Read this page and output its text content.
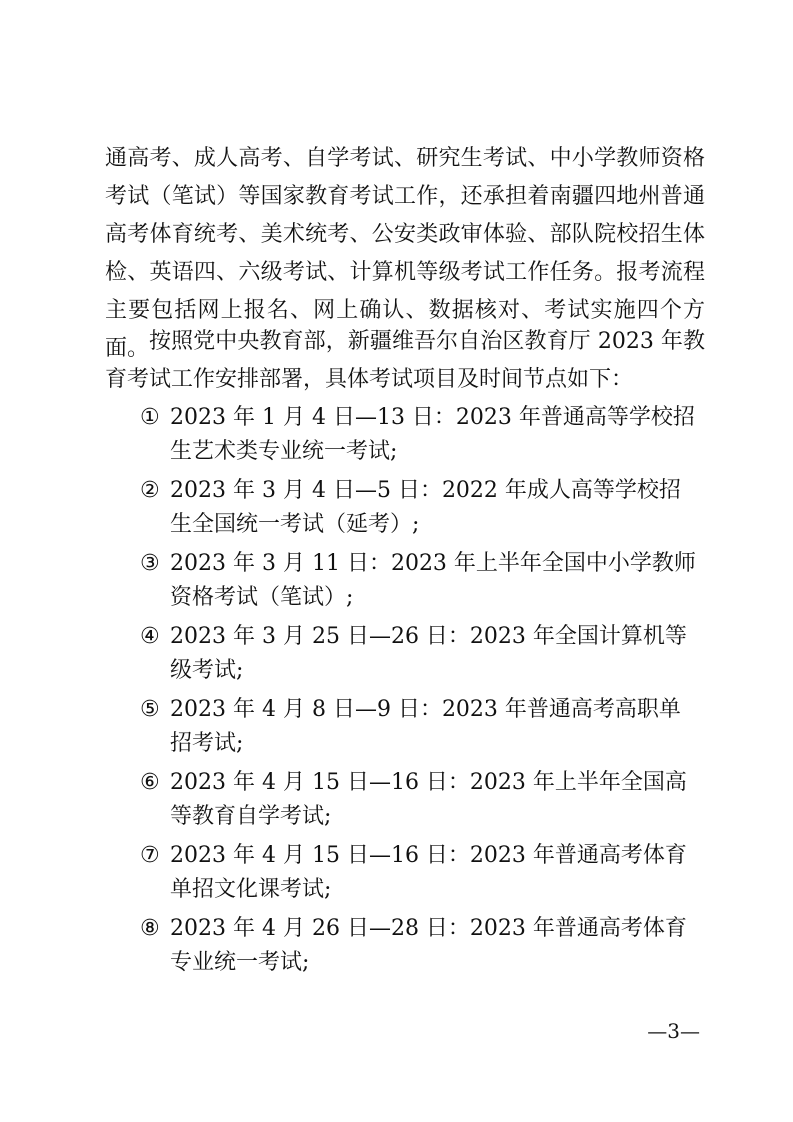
通高考、成人高考、自学考试、研究生考试、中小学教师资格考试（笔试）等国家教育考试工作，还承担着南疆四地州普通高考体育统考、美术统考、公安类政审体验、部队院校招生体检、英语四、六级考试、计算机等级考试工作任务。报考流程主要包括网上报名、网上确认、数据核对、考试实施四个方面。 按照党中央教育部，新疆维吾尔自治区教育厅 2023 年教育考试工作安排部署，具体考试项目及时间节点如下：

① 2023 年 1 月 4 日—13 日：2023 年普通高等学校招生艺术类专业统一考试;
② 2023 年 3 月 4 日—5 日：2022 年成人高等学校招生全国统一考试（延考）;
③ 2023 年 3 月 11 日：2023 年上半年全国中小学教师资格考试（笔试）;
④ 2023 年 3 月 25 日—26 日：2023 年全国计算机等级考试;
⑤ 2023 年 4 月 8 日—9 日：2023 年普通高考高职单招考试;
⑥ 2023 年 4 月 15 日—16 日：2023 年上半年全国高等教育自学考试;
⑦ 2023 年 4 月 15 日—16 日：2023 年普通高考体育单招文化课考试;
⑧ 2023 年 4 月 26 日—28 日：2023 年普通高考体育专业统一考试;
—3—
